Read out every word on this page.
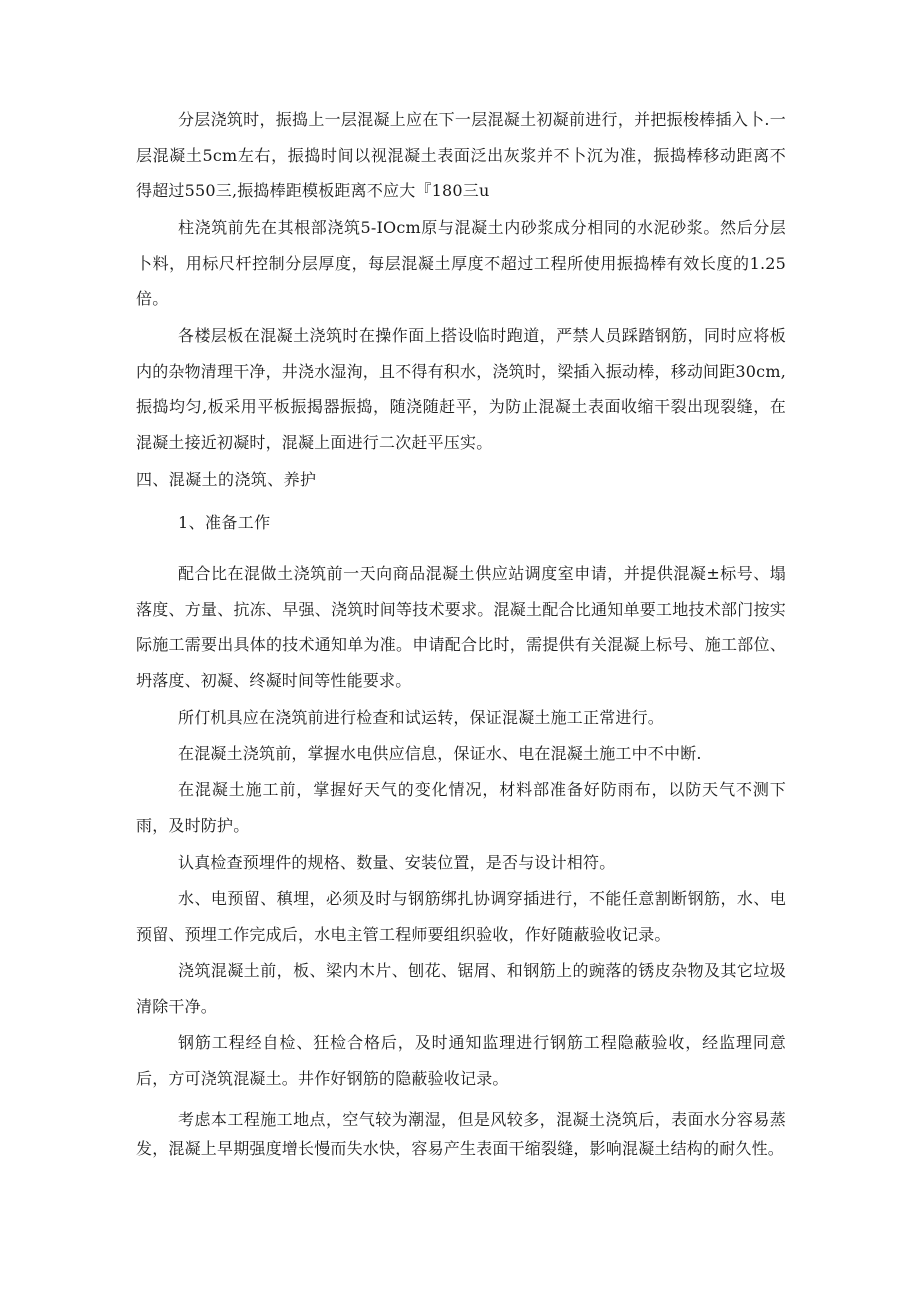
分层浇筑时，振捣上一层混凝上应在下一层混凝土初凝前进行，并把振梭棒插入卜.一层混凝土5cm左右，振捣时间以视混凝土表面泛出灰浆并不卜沉为准，振捣棒移动距离不得超过550三,振捣棒距模板距离不应大『180三u

柱浇筑前先在其根部浇筑5-IOcm原与混凝土内砂浆成分相同的水泥砂浆。然后分层卜料，用标尺杆控制分层厚度，每层混凝土厚度不超过工程所使用振捣棒有效长度的1.25倍。

各楼层板在混凝土浇筑时在操作面上搭设临时跑道，严禁人员踩踏钢筋，同时应将板内的杂物清理干净，井浇水湿洵，且不得有积水，浇筑时，梁插入振动棒，移动间距30cm,振捣均匀,板采用平板振揭器振捣，随浇随赶平，为防止混凝土表面收缩干裂出现裂缝，在混凝土接近初凝时，混凝上面进行二次赶平压实。

四、混凝土的浇筑、养护

1、准备工作

配合比在混做土浇筑前一天向商品混凝土供应站调度室申请，并提供混凝±标号、塌落度、方量、抗冻、早强、浇筑时间等技术要求。混凝土配合比通知单要工地技术部门按实际施工需要出具体的技术通知单为准。申请配合比时，需提供有关混凝上标号、施工部位、坍落度、初凝、终凝时间等性能要求。

所仃机具应在浇筑前进行检查和试运转，保证混凝土施工正常进行。

在混凝土浇筑前，掌握水电供应信息，保证水、电在混凝土施工中不中断.

在混凝土施工前，掌握好天气的变化情况，材料部准备好防雨布，以防天气不测下雨，及时防护。

认真检查预埋件的规格、数量、安装位置，是否与设计相符。

水、电预留、稹埋，必须及时与钢筋绑扎协调穿插进行，不能任意割断钢筋，水、电预留、预埋工作完成后，水电主管工程师要组织验收，作好随蔽验收记录。

浇筑混凝土前，板、梁内木片、刨花、锯屑、和钢筋上的豌落的锈皮杂物及其它垃圾清除干净。

钢筋工程经自检、狂检合格后，及时通知监理进行钢筋工程隐蔽验收，经监理同意后，方可浇筑混凝土。井作好钢筋的隐蔽验收记录。

考虑本工程施工地点，空气较为潮湿，但是风较多，混凝土浇筑后，表面水分容易蒸发，混凝上早期强度增长慢而失水快，容易产生表面干缩裂缝，影响混凝土结构的耐久性。
